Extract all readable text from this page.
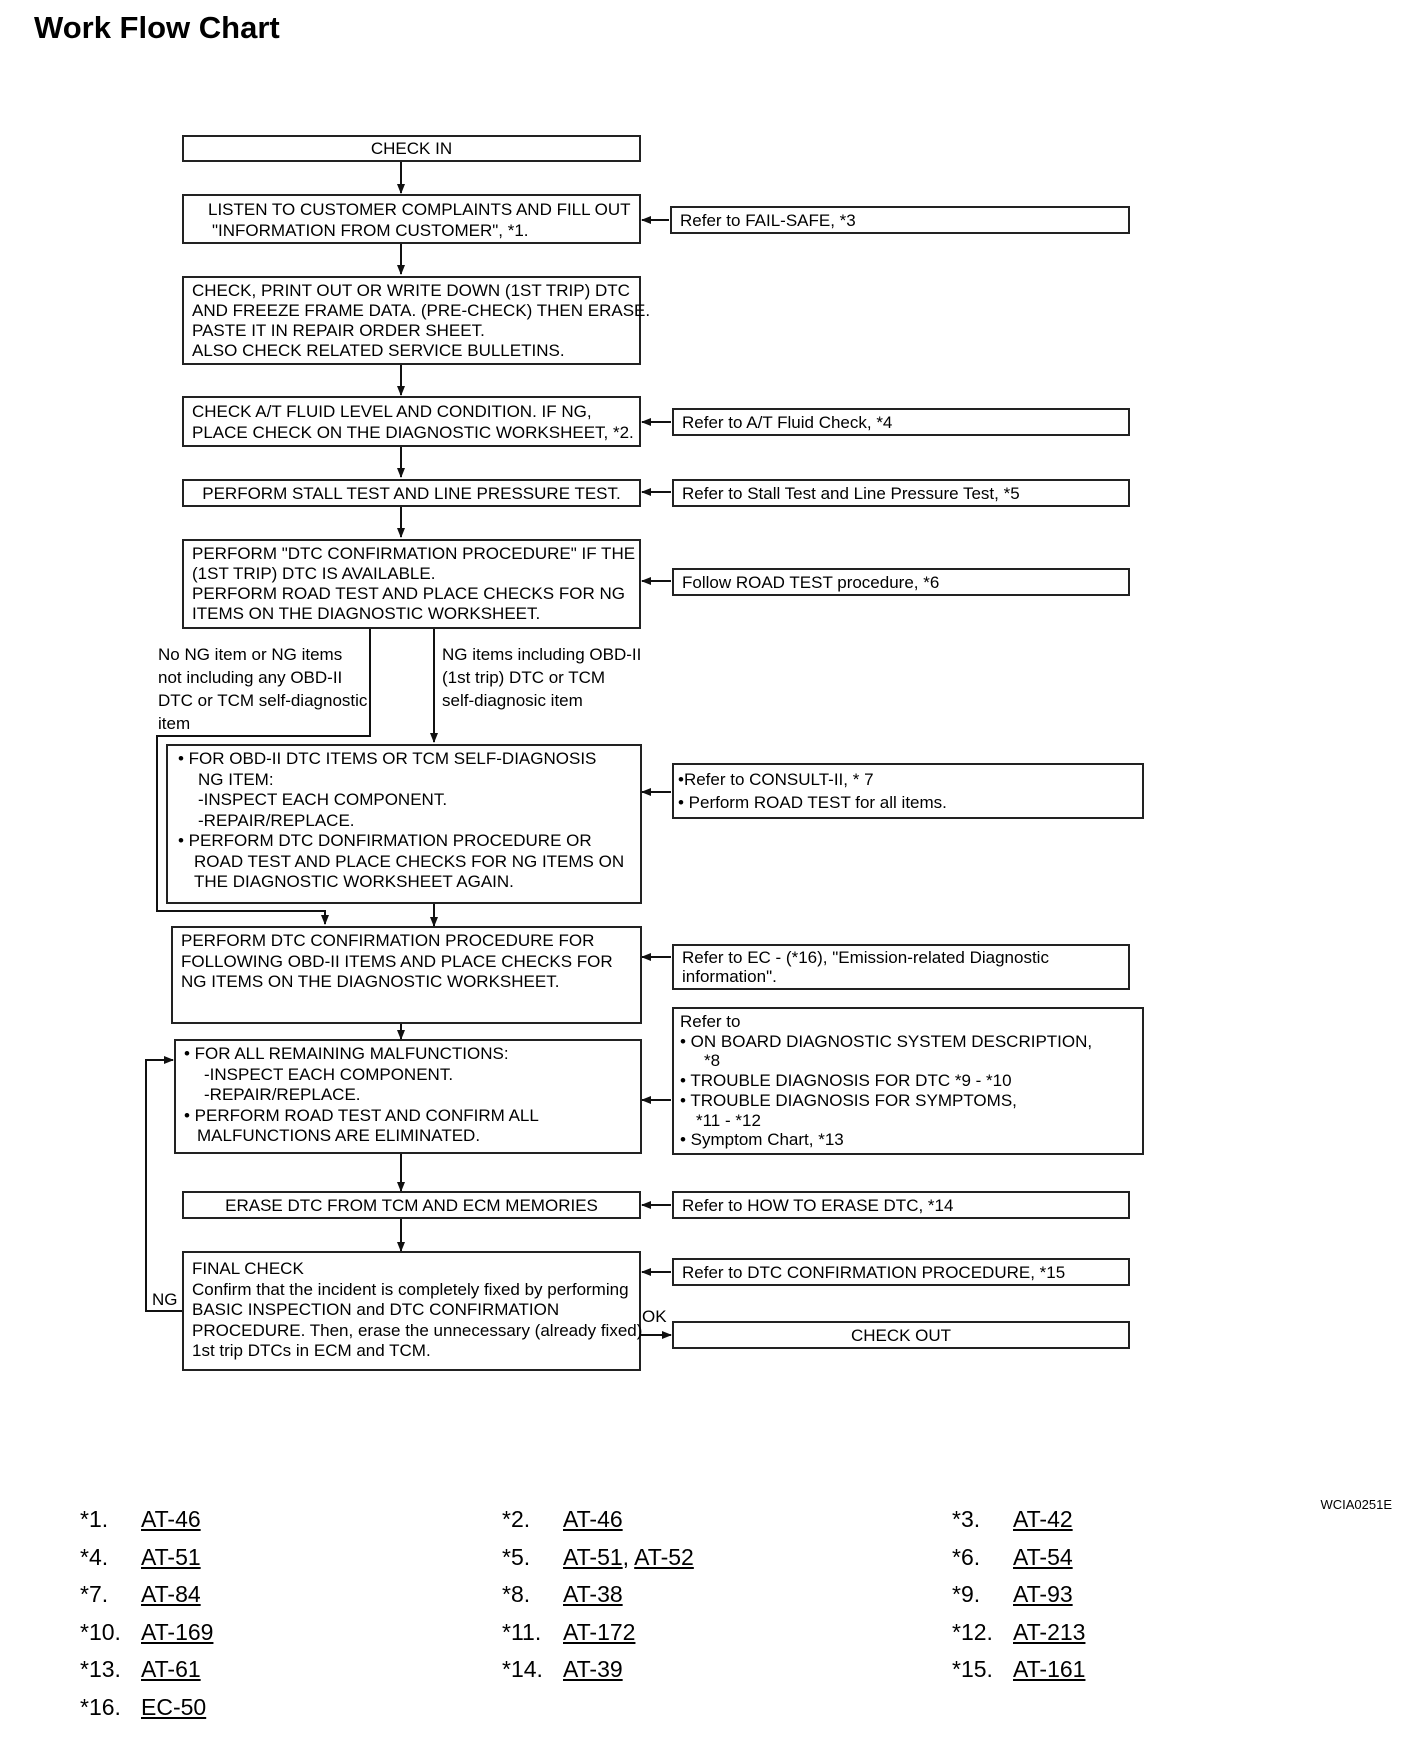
Work Flow Chart
CHECK IN
LISTEN TO CUSTOMER COMPLAINTS AND FILL OUT
"INFORMATION FROM CUSTOMER", *1.
CHECK, PRINT OUT OR WRITE DOWN (1ST TRIP) DTC
AND FREEZE FRAME DATA. (PRE-CHECK) THEN ERASE.
PASTE IT IN REPAIR ORDER SHEET.
ALSO CHECK RELATED SERVICE BULLETINS.
CHECK A/T FLUID LEVEL AND CONDITION. IF NG,
PLACE CHECK ON THE DIAGNOSTIC WORKSHEET, *2.
PERFORM STALL TEST AND LINE PRESSURE TEST.
PERFORM "DTC CONFIRMATION PROCEDURE" IF THE
(1ST TRIP) DTC IS AVAILABLE.
PERFORM ROAD TEST AND PLACE CHECKS FOR NG
ITEMS ON THE DIAGNOSTIC WORKSHEET.
No NG item or NG items
not including any OBD-II
DTC or TCM self-diagnostic
item
NG items including OBD-II
(1st trip) DTC or TCM
self-diagnosic item
• FOR OBD-II DTC ITEMS OR TCM SELF-DIAGNOSIS
NG ITEM:
-INSPECT EACH COMPONENT.
-REPAIR/REPLACE.
• PERFORM DTC DONFIRMATION PROCEDURE OR
ROAD TEST AND PLACE CHECKS FOR NG ITEMS ON
THE DIAGNOSTIC WORKSHEET AGAIN.
PERFORM DTC CONFIRMATION PROCEDURE FOR
FOLLOWING OBD-II ITEMS AND PLACE CHECKS FOR
NG ITEMS ON THE DIAGNOSTIC WORKSHEET.
• FOR ALL REMAINING MALFUNCTIONS:
-INSPECT EACH COMPONENT.
-REPAIR/REPLACE.
• PERFORM ROAD TEST AND CONFIRM ALL
MALFUNCTIONS ARE ELIMINATED.
ERASE DTC FROM TCM AND ECM MEMORIES
FINAL CHECK
Confirm that the incident is completely fixed by performing
BASIC INSPECTION and DTC CONFIRMATION
PROCEDURE. Then, erase the unnecessary (already fixed)
1st trip DTCs in ECM and TCM.
NG
OK
CHECK OUT
Refer to FAIL-SAFE, *3
Refer to A/T Fluid Check, *4
Refer to Stall Test and Line Pressure Test, *5
Follow ROAD TEST procedure, *6
•Refer to CONSULT-II, * 7
• Perform ROAD TEST for all items.
Refer to EC - (*16), "Emission-related Diagnostic
information".
Refer to
• ON BOARD DIAGNOSTIC SYSTEM DESCRIPTION,
*8
• TROUBLE DIAGNOSIS FOR DTC *9 - *10
• TROUBLE DIAGNOSIS FOR SYMPTOMS,
*11 - *12
• Symptom Chart, *13
Refer to HOW TO ERASE DTC, *14
Refer to DTC CONFIRMATION PROCEDURE, *15
WCIA0251E
*1. AT-46	*2. AT-46	*3. AT-42
*4. AT-51	*5. AT-51, AT-52	*6. AT-54
*7. AT-84	*8. AT-38	*9. AT-93
*10. AT-169	*11. AT-172	*12. AT-213
*13. AT-61	*14. AT-39	*15. AT-161
*16. EC-50
